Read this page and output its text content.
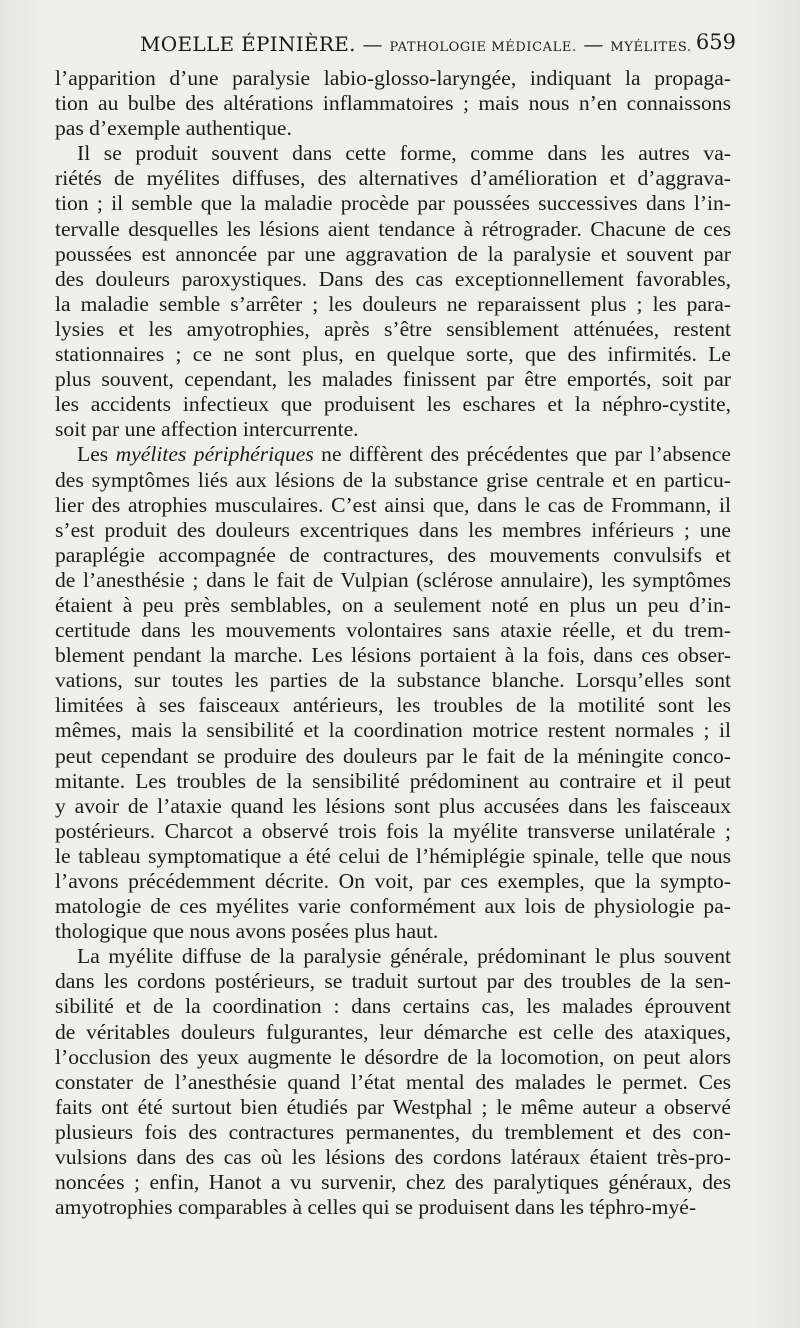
MOELLE ÉPINIÈRE. — PATHOLOGIE MÉDICALE. — MYÉLITES. 659
l’apparition d’une paralysie labio-glosso-laryngée, indiquant la propaga-
tion au bulbe des altérations inflammatoires ; mais nous n’en connaissons
pas d’exemple authentique.
Il se produit souvent dans cette forme, comme dans les autres va-
riétés de myélites diffuses, des alternatives d’amélioration et d’aggrava-
tion ; il semble que la maladie procède par poussées successives dans l’in-
tervalle desquelles les lésions aient tendance à rétrograder. Chacune de ces
poussées est annoncée par une aggravation de la paralysie et souvent par
des douleurs paroxystiques. Dans des cas exceptionnellement favorables,
la maladie semble s’arrêter ; les douleurs ne reparaissent plus ; les para-
lysies et les amyotrophies, après s’être sensiblement atténuées, restent
stationnaires ; ce ne sont plus, en quelque sorte, que des infirmités. Le
plus souvent, cependant, les malades finissent par être emportés, soit par
les accidents infectieux que produisent les eschares et la néphro-cystite,
soit par une affection intercurrente.
Les myélites périphériques ne diffèrent des précédentes que par l’absence
des symptômes liés aux lésions de la substance grise centrale et en particu-
lier des atrophies musculaires. C’est ainsi que, dans le cas de Frommann, il
s’est produit des douleurs excentriques dans les membres inférieurs ; une
paraplégie accompagnée de contractures, des mouvements convulsifs et
de l’anesthésie ; dans le fait de Vulpian (sclérose annulaire), les symptômes
étaient à peu près semblables, on a seulement noté en plus un peu d’in-
certitude dans les mouvements volontaires sans ataxie réelle, et du trem-
blement pendant la marche. Les lésions portaient à la fois, dans ces obser-
vations, sur toutes les parties de la substance blanche. Lorsqu’elles sont
limitées à ses faisceaux antérieurs, les troubles de la motilité sont les
mêmes, mais la sensibilité et la coordination motrice restent normales ; il
peut cependant se produire des douleurs par le fait de la méningite conco-
mitante. Les troubles de la sensibilité prédominent au contraire et il peut
y avoir de l’ataxie quand les lésions sont plus accusées dans les faisceaux
postérieurs. Charcot a observé trois fois la myélite transverse unilatérale ;
le tableau symptomatique a été celui de l’hémiplégie spinale, telle que nous
l’avons précédemment décrite. On voit, par ces exemples, que la sympto-
matologie de ces myélites varie conformément aux lois de physiologie pa-
thologique que nous avons posées plus haut.
La myélite diffuse de la paralysie générale, prédominant le plus souvent
dans les cordons postérieurs, se traduit surtout par des troubles de la sen-
sibilité et de la coordination : dans certains cas, les malades éprouvent
de véritables douleurs fulgurantes, leur démarche est celle des ataxiques,
l’occlusion des yeux augmente le désordre de la locomotion, on peut alors
constater de l’anesthésie quand l’état mental des malades le permet. Ces
faits ont été surtout bien étudiés par Westphal ; le même auteur a observé
plusieurs fois des contractures permanentes, du tremblement et des con-
vulsions dans des cas où les lésions des cordons latéraux étaient très-pro-
noncées ; enfin, Hanot a vu survenir, chez des paralytiques généraux, des
amyotrophies comparables à celles qui se produisent dans les téphro-myé-
